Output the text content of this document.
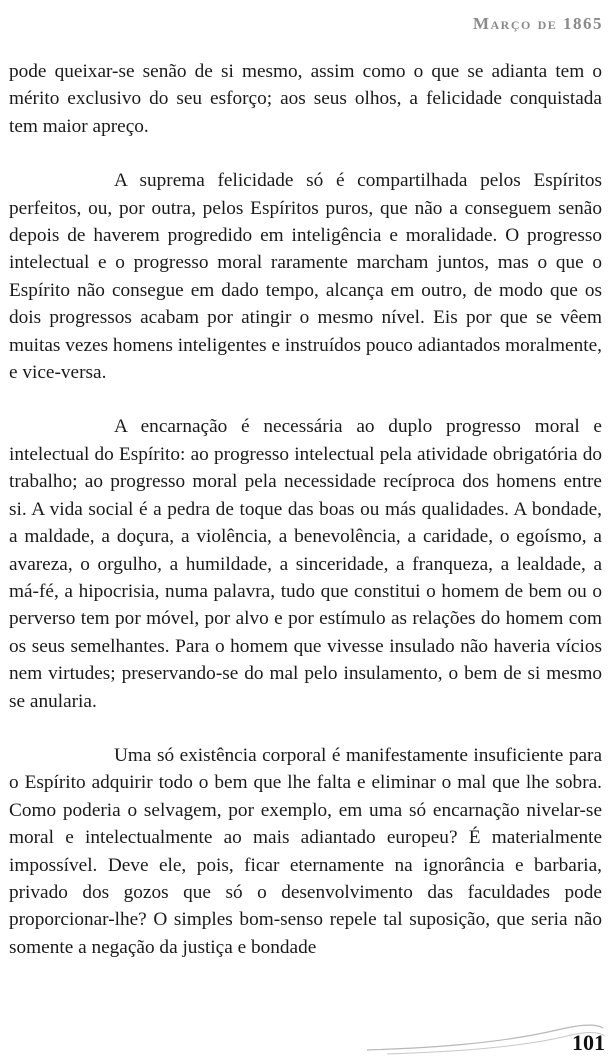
Março de 1865

pode queixar-se senão de si mesmo, assim como o que se adianta tem o mérito exclusivo do seu esforço; aos seus olhos, a felicidade conquistada tem maior apreço.

A suprema felicidade só é compartilhada pelos Espíritos perfeitos, ou, por outra, pelos Espíritos puros, que não a conseguem senão depois de haverem progredido em inteligência e moralidade. O progresso intelectual e o progresso moral raramente marcham juntos, mas o que o Espírito não consegue em dado tempo, alcança em outro, de modo que os dois progressos acabam por atingir o mesmo nível. Eis por que se vêem muitas vezes homens inteligentes e instruídos pouco adiantados moralmente, e vice-versa.

A encarnação é necessária ao duplo progresso moral e intelectual do Espírito: ao progresso intelectual pela atividade obrigatória do trabalho; ao progresso moral pela necessidade recíproca dos homens entre si. A vida social é a pedra de toque das boas ou más qualidades. A bondade, a maldade, a doçura, a violência, a benevolência, a caridade, o egoísmo, a avareza, o orgulho, a humildade, a sinceridade, a franqueza, a lealdade, a má-fé, a hipocrisia, numa palavra, tudo que constitui o homem de bem ou o perverso tem por móvel, por alvo e por estímulo as relações do homem com os seus semelhantes. Para o homem que vivesse insulado não haveria vícios nem virtudes; preservando-se do mal pelo insulamento, o bem de si mesmo se anularia.

Uma só existência corporal é manifestamente insuficiente para o Espírito adquirir todo o bem que lhe falta e eliminar o mal que lhe sobra. Como poderia o selvagem, por exemplo, em uma só encarnação nivelar-se moral e intelectualmente ao mais adiantado europeu? É materialmente impossível. Deve ele, pois, ficar eternamente na ignorância e barbaria, privado dos gozos que só o desenvolvimento das faculdades pode proporcionar-lhe? O simples bom-senso repele tal suposição, que seria não somente a negação da justiça e bondade

101
